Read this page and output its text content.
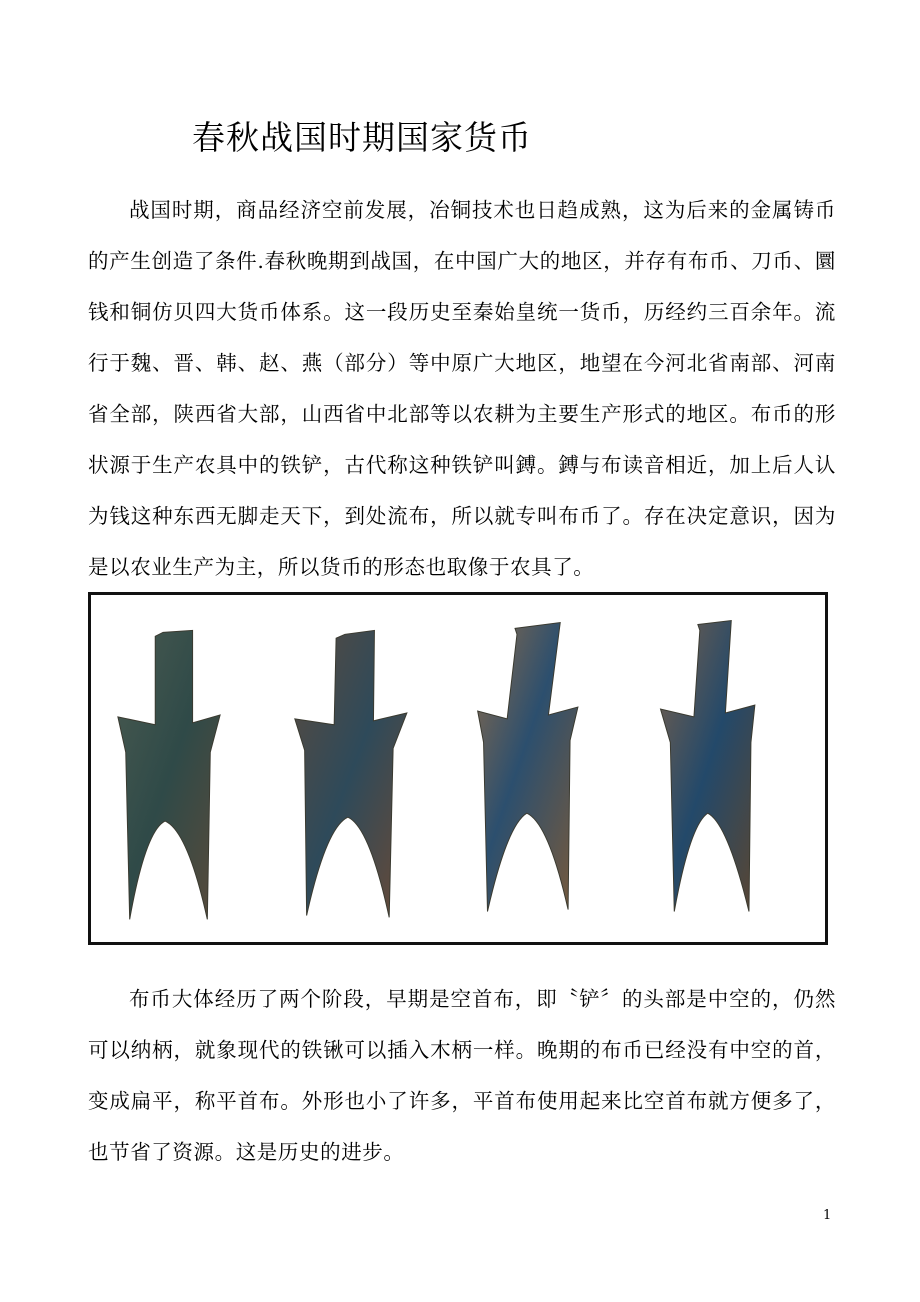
春秋战国时期国家货币

战国时期，商品经济空前发展，冶铜技术也日趋成熟，这为后来的金属铸币的产生创造了条件.春秋晚期到战国，在中国广大的地区，并存有布币、刀币、圜钱和铜仿贝四大货币体系。这一段历史至秦始皇统一货币，历经约三百余年。流行于魏、晋、韩、赵、燕（部分）等中原广大地区，地望在今河北省南部、河南省全部，陕西省大部，山西省中北部等以农耕为主要生产形式的地区。布币的形状源于生产农具中的铁铲，古代称这种铁铲叫鎛。鎛与布读音相近，加上后人认为钱这种东西无脚走天下，到处流布，所以就专叫布币了。存在决定意识，因为是以农业生产为主，所以货币的形态也取像于农具了。

布币大体经历了两个阶段，早期是空首布，即〝铲〞的头部是中空的，仍然可以纳柄，就象现代的铁锹可以插入木柄一样。晚期的布币已经没有中空的首，变成扁平，称平首布。外形也小了许多，平首布使用起来比空首布就方便多了，也节省了资源。这是历史的进步。

1
